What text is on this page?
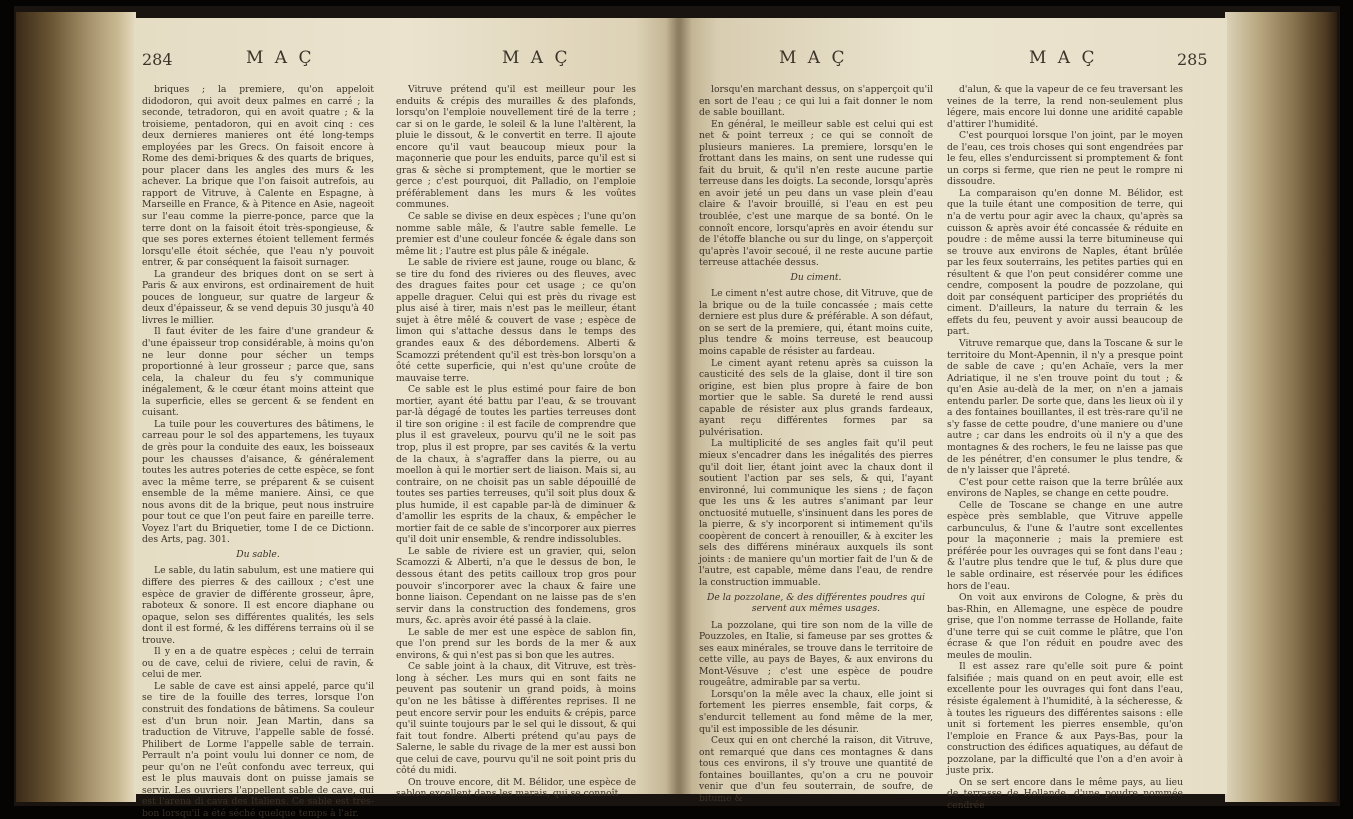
284	M A Ç	M A Ç

briques ; la premiere, qu'on appeloit didodoron, qui avoit deux palmes en carré ; la seconde, tetradoron, qui en avoit quatre ; & la troisieme, pentadoron, qui en avoit cinq : ces deux dernieres manieres ont été long-temps employées par les Grecs. On faisoit encore à Rome des demi-briques & des quarts de briques, pour placer dans les angles des murs & les achever. La brique que l'on faisoit autrefois, au rapport de Vitruve, à Calente en Espagne, à Marseille en France, & à Pitence en Asie, nageoit sur l'eau comme la pierre-ponce, parce que la terre dont on la faisoit étoit très-spongieuse, & que ses pores externes étoient tellement fermés lorsqu'elle étoit séchée, que l'eau n'y pouvoit entrer, & par conséquent la faisoit surnager.

La grandeur des briques dont on se sert à Paris & aux environs, est ordinairement de huit pouces de longueur, sur quatre de largeur & deux d'épaisseur, & se vend depuis 30 jusqu'à 40 livres le millier.

Il faut éviter de les faire d'une grandeur & d'une épaisseur trop considérable, à moins qu'on ne leur donne pour sécher un temps proportionné à leur grosseur ; parce que, sans cela, la chaleur du feu s'y communique inégalement, & le cœur étant moins atteint que la superficie, elles se gercent & se fendent en cuisant.

La tuile pour les couvertures des bâtimens, le carreau pour le sol des appartemens, les tuyaux de grès pour la conduite des eaux, les boisseaux pour les chausses d'aisance, & généralement toutes les autres poteries de cette espèce, se font avec la même terre, se préparent & se cuisent ensemble de la même maniere. Ainsi, ce que nous avons dit de la brique, peut nous instruire pour tout ce que l'on peut faire en pareille terre. Voyez l'art du Briquetier, tome I de ce Dictionn. des Arts, pag. 301.

Du sable.

Le sable, du latin sabulum, est une matiere qui differe des pierres & des cailloux ; c'est une espèce de gravier de différente grosseur, âpre, raboteux & sonore. Il est encore diaphane ou opaque, selon ses différentes qualités, les sels dont il est formé, & les différens terrains où il se trouve.

Il y en a de quatre espèces ; celui de terrain ou de cave, celui de riviere, celui de ravin, & celui de mer.

Le sable de cave est ainsi appelé, parce qu'il se tire de la fouille des terres, lorsque l'on construit des fondations de bâtimens. Sa couleur est d'un brun noir. Jean Martin, dans sa traduction de Vitruve, l'appelle sable de fossé. Philibert de Lorme l'appelle sable de terrain. Perrault n'a point voulu lui donner ce nom, de peur qu'on ne l'eût confondu avec terreux, qui est le plus mauvais dont on puisse jamais se servir. Les ouvriers l'appellent sable de cave, qui est l'arena di cava des Italiens. Ce sable est très-bon lorsqu'il a été séché quelque temps à l'air.

Vitruve prétend qu'il est meilleur pour les enduits & crépis des murailles & des plafonds, lorsqu'on l'emploie nouvellement tiré de la terre ; car si on le garde, le soleil & la lune l'altèrent, la pluie le dissout, & le convertit en terre. Il ajoute encore qu'il vaut beaucoup mieux pour la maçonnerie que pour les enduits, parce qu'il est si gras & sèche si promptement, que le mortier se gerce ; c'est pourquoi, dit Palladio, on l'emploie préférablement dans les murs & les voûtes communes.

Ce sable se divise en deux espèces ; l'une qu'on nomme sable mâle, & l'autre sable femelle. Le premier est d'une couleur foncée & égale dans son même lit ; l'autre est plus pâle & inégale.

Le sable de riviere est jaune, rouge ou blanc, & se tire du fond des rivieres ou des fleuves, avec des dragues faites pour cet usage ; ce qu'on appelle draguer. Celui qui est près du rivage est plus aisé à tirer, mais n'est pas le meilleur, étant sujet à être mêlé & couvert de vase ; espèce de limon qui s'attache dessus dans le temps des grandes eaux & des débordemens. Alberti & Scamozzi prétendent qu'il est très-bon lorsqu'on a ôté cette superficie, qui n'est qu'une croûte de mauvaise terre.

Ce sable est le plus estimé pour faire de bon mortier, ayant été battu par l'eau, & se trouvant par-là dégagé de toutes les parties terreuses dont il tire son origine : il est facile de comprendre que plus il est graveleux, pourvu qu'il ne le soit pas trop, plus il est propre, par ses cavités & la vertu de la chaux, à s'agraffer dans la pierre, ou au moellon à qui le mortier sert de liaison. Mais si, au contraire, on ne choisit pas un sable dépouillé de toutes ses parties terreuses, qu'il soit plus doux & plus humide, il est capable par-là de diminuer & d'amollir les esprits de la chaux, & empêcher le mortier fait de ce sable de s'incorporer aux pierres qu'il doit unir ensemble, & rendre indissolubles.

Le sable de riviere est un gravier, qui, selon Scamozzi & Alberti, n'a que le dessus de bon, le dessous étant des petits cailloux trop gros pour pouvoir s'incorporer avec la chaux & faire une bonne liaison. Cependant on ne laisse pas de s'en servir dans la construction des fondemens, gros murs, &c. après avoir été passé à la claie.

Le sable de mer est une espèce de sablon fin, que l'on prend sur les bords de la mer & aux environs, & qui n'est pas si bon que les autres.

Ce sable joint à la chaux, dit Vitruve, est très-long à sécher. Les murs qui en sont faits ne peuvent pas soutenir un grand poids, à moins qu'on ne les bâtisse à différentes reprises. Il ne peut encore servir pour les enduits & crépis, parce qu'il suinte toujours par le sel qui le dissout, & qui fait tout fondre. Alberti prétend qu'au pays de Salerne, le sable du rivage de la mer est aussi bon que celui de cave, pourvu qu'il ne soit point pris du côté du midi.

On trouve encore, dit M. Bélidor, une espèce de sablon excellent dans les marais, qui se connoît

M A Ç	M A Ç	285

lorsqu'en marchant dessus, on s'apperçoit qu'il en sort de l'eau ; ce qui lui a fait donner le nom de sable bouillant.

En général, le meilleur sable est celui qui est net & point terreux ; ce qui se connoît de plusieurs manieres. La premiere, lorsqu'en le frottant dans les mains, on sent une rudesse qui fait du bruit, & qu'il n'en reste aucune partie terreuse dans les doigts. La seconde, lorsqu'après en avoir jeté un peu dans un vase plein d'eau claire & l'avoir brouillé, si l'eau en est peu troublée, c'est une marque de sa bonté. On le connoît encore, lorsqu'après en avoir étendu sur de l'étoffe blanche ou sur du linge, on s'apperçoit qu'après l'avoir secoué, il ne reste aucune partie terreuse attachée dessus.

Du ciment.

Le ciment n'est autre chose, dit Vitruve, que de la brique ou de la tuile concassée ; mais cette derniere est plus dure & préférable. A son défaut, on se sert de la premiere, qui, étant moins cuite, plus tendre & moins terreuse, est beaucoup moins capable de résister au fardeau.

Le ciment ayant retenu après sa cuisson la causticité des sels de la glaise, dont il tire son origine, est bien plus propre à faire de bon mortier que le sable. Sa dureté le rend aussi capable de résister aux plus grands fardeaux, ayant reçu différentes formes par sa pulvérisation.

La multiplicité de ses angles fait qu'il peut mieux s'encadrer dans les inégalités des pierres qu'il doit lier, étant joint avec la chaux dont il soutient l'action par ses sels, & qui, l'ayant environné, lui communique les siens ; de façon que les uns & les autres s'animant par leur onctuosité mutuelle, s'insinuent dans les pores de la pierre, & s'y incorporent si intimement qu'ils coopèrent de concert à renouiller, & à exciter les sels des différens minéraux auxquels ils sont joints : de maniere qu'un mortier fait de l'un & de l'autre, est capable, même dans l'eau, de rendre la construction immuable.

De la pozzolane, & des différentes poudres qui servent aux mêmes usages.

La pozzolane, qui tire son nom de la ville de Pouzzoles, en Italie, si fameuse par ses grottes & ses eaux minérales, se trouve dans le territoire de cette ville, au pays de Bayes, & aux environs du Mont-Vésuve ; c'est une espèce de poudre rougeâtre, admirable par sa vertu.

Lorsqu'on la mêle avec la chaux, elle joint si fortement les pierres ensemble, fait corps, & s'endurcit tellement au fond même de la mer, qu'il est impossible de les désunir.

Ceux qui en ont cherché la raison, dit Vitruve, ont remarqué que dans ces montagnes & dans tous ces environs, il s'y trouve une quantité de fontaines bouillantes, qu'on a cru ne pouvoir venir que d'un feu souterrain, de soufre, de bitume &

d'alun, & que la vapeur de ce feu traversant les veines de la terre, la rend non-seulement plus légere, mais encore lui donne une aridité capable d'attirer l'humidité.

C'est pourquoi lorsque l'on joint, par le moyen de l'eau, ces trois choses qui sont engendrées par le feu, elles s'endurcissent si promptement & font un corps si ferme, que rien ne peut le rompre ni dissoudre.

La comparaison qu'en donne M. Bélidor, est que la tuile étant une composition de terre, qui n'a de vertu pour agir avec la chaux, qu'après sa cuisson & après avoir été concassée & réduite en poudre : de même aussi la terre bitumineuse qui se trouve aux environs de Naples, étant brûlée par les feux souterrains, les petites parties qui en résultent & que l'on peut considérer comme une cendre, composent la poudre de pozzolane, qui doit par conséquent participer des propriétés du ciment. D'ailleurs, la nature du terrain & les effets du feu, peuvent y avoir aussi beaucoup de part.

Vitruve remarque que, dans la Toscane & sur le territoire du Mont-Apennin, il n'y a presque point de sable de cave ; qu'en Achaïe, vers la mer Adriatique, il ne s'en trouve point du tout ; & qu'en Asie au-delà de la mer, on n'en a jamais entendu parler. De sorte que, dans les lieux où il y a des fontaines bouillantes, il est très-rare qu'il ne s'y fasse de cette poudre, d'une maniere ou d'une autre ; car dans les endroits où il n'y a que des montagnes & des rochers, le feu ne laisse pas que de les pénétrer, d'en consumer le plus tendre, & de n'y laisser que l'âpreté.

C'est pour cette raison que la terre brûlée aux environs de Naples, se change en cette poudre.

Celle de Toscane se change en une autre espèce près semblable, que Vitruve appelle carbunculus, & l'une & l'autre sont excellentes pour la maçonnerie ; mais la premiere est préférée pour les ouvrages qui se font dans l'eau ; & l'autre plus tendre que le tuf, & plus dure que le sable ordinaire, est réservée pour les édifices hors de l'eau.

On voit aux environs de Cologne, & près du bas-Rhin, en Allemagne, une espèce de poudre grise, que l'on nomme terrasse de Hollande, faite d'une terre qui se cuit comme le plâtre, que l'on écrase & que l'on réduit en poudre avec des meules de moulin.

Il est assez rare qu'elle soit pure & point falsifiée ; mais quand on en peut avoir, elle est excellente pour les ouvrages qui font dans l'eau, résiste également à l'humidité, à la sécheresse, & à toutes les rigueurs des différentes saisons : elle unit si fortement les pierres ensemble, qu'on l'emploie en France & aux Pays-Bas, pour la construction des édifices aquatiques, au défaut de pozzolane, par la difficulté que l'on a d'en avoir à juste prix.

On se sert encore dans le même pays, au lieu de terrasse de Hollande, d'une poudre nommée cendrée
